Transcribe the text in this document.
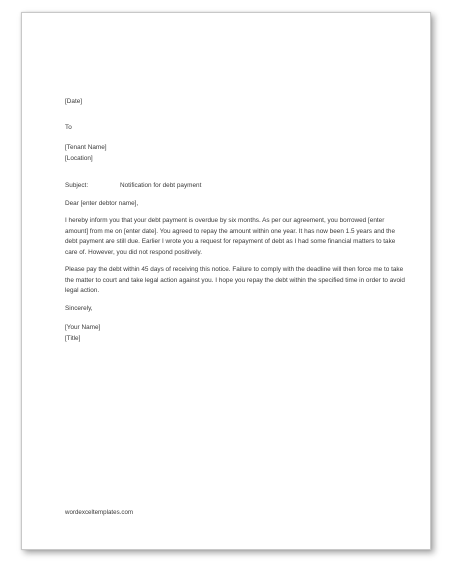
[Date]
To
[Tenant Name]
[Location]
Subject:	Notification for debt payment
Dear [enter debtor name],
I hereby inform you that your debt payment is overdue by six months. As per our agreement, you borrowed [enter amount] from me on [enter date]. You agreed to repay the amount within one year. It has now been 1.5 years and the debt payment are still due. Earlier I wrote you a request for repayment of debt as I had some financial matters to take care of. However, you did not respond positively.
Please pay the debt within 45 days of receiving this notice. Failure to comply with the deadline will then force me to take the matter to court and take legal action against you. I hope you repay the debt within the specified time in order to avoid legal action.
Sincerely,
[Your Name]
[Title]
wordexceltemplates.com
